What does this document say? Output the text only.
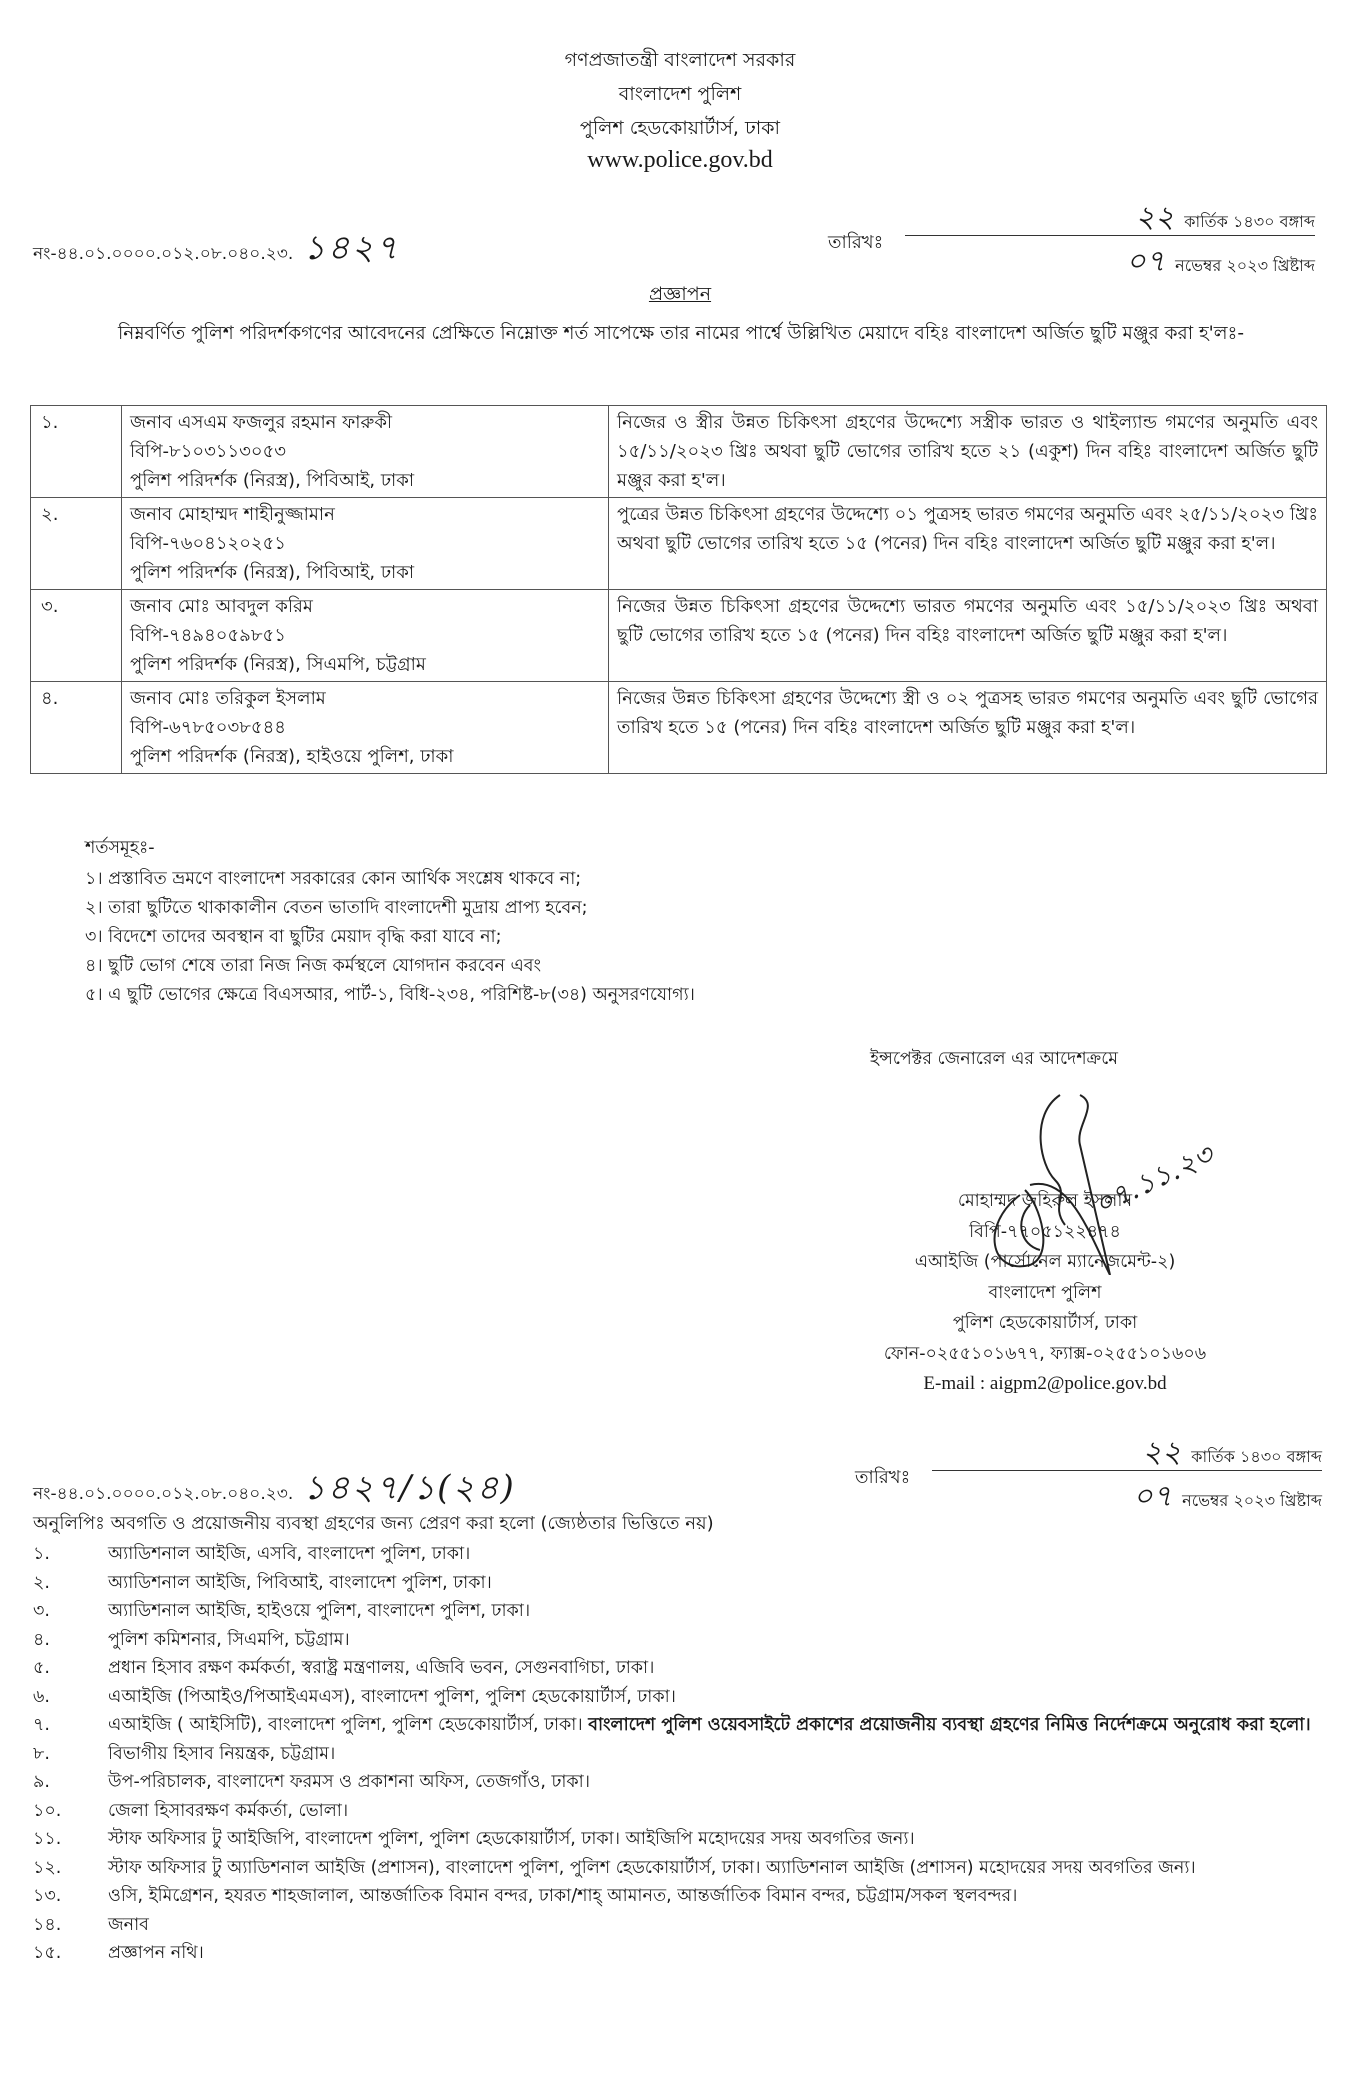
গণপ্রজাতন্ত্রী বাংলাদেশ সরকার
বাংলাদেশ পুলিশ
পুলিশ হেডকোয়ার্টার্স, ঢাকা
www.police.gov.bd
নং-৪৪.০১.০০০০.০১২.০৮.০৪০.২৩. ১৪২৭	তারিখঃ
২২ কার্তিক ১৪৩০ বঙ্গাব্দ
০৭ নভেম্বর ২০২৩ খ্রিষ্টাব্দ
প্রজ্ঞাপন
নিম্নবর্ণিত পুলিশ পরিদর্শকগণের আবেদনের প্রেক্ষিতে নিম্নোক্ত শর্ত সাপেক্ষে তার নামের পার্শ্বে উল্লিখিত মেয়াদে বহিঃ বাংলাদেশ অর্জিত ছুটি মঞ্জুর করা হ'লঃ-
১.	জনাব এসএম ফজলুর রহমান ফারুকী
বিপি-৮১০৩১১৩০৫৩
পুলিশ পরিদর্শক (নিরস্ত্র), পিবিআই, ঢাকা	নিজের ও স্ত্রীর উন্নত চিকিৎসা গ্রহণের উদ্দেশ্যে সস্ত্রীক ভারত ও থাইল্যান্ড গমণের অনুমতি এবং ১৫/১১/২০২৩ খ্রিঃ অথবা ছুটি ভোগের তারিখ হতে ২১ (একুশ) দিন বহিঃ বাংলাদেশ অর্জিত ছুটি মঞ্জুর করা হ'ল।
২.	জনাব মোহাম্মদ শাহীনুজ্জামান
বিপি-৭৬০৪১২০২৫১
পুলিশ পরিদর্শক (নিরস্ত্র), পিবিআই, ঢাকা	পুত্রের উন্নত চিকিৎসা গ্রহণের উদ্দেশ্যে ০১ পুত্রসহ ভারত গমণের অনুমতি এবং ২৫/১১/২০২৩ খ্রিঃ অথবা ছুটি ভোগের তারিখ হতে ১৫ (পনের) দিন বহিঃ বাংলাদেশ অর্জিত ছুটি মঞ্জুর করা হ'ল।
৩.	জনাব মোঃ আবদুল করিম
বিপি-৭৪৯৪০৫৯৮৫১
পুলিশ পরিদর্শক (নিরস্ত্র), সিএমপি, চট্টগ্রাম	নিজের উন্নত চিকিৎসা গ্রহণের উদ্দেশ্যে ভারত গমণের অনুমতি এবং ১৫/১১/২০২৩ খ্রিঃ অথবা ছুটি ভোগের তারিখ হতে ১৫ (পনের) দিন বহিঃ বাংলাদেশ অর্জিত ছুটি মঞ্জুর করা হ'ল।
৪.	জনাব মোঃ তরিকুল ইসলাম
বিপি-৬৭৮৫০৩৮৫৪৪
পুলিশ পরিদর্শক (নিরস্ত্র), হাইওয়ে পুলিশ, ঢাকা	নিজের উন্নত চিকিৎসা গ্রহণের উদ্দেশ্যে স্ত্রী ও ০২ পুত্রসহ ভারত গমণের অনুমতি এবং ছুটি ভোগের তারিখ হতে ১৫ (পনের) দিন বহিঃ বাংলাদেশ অর্জিত ছুটি মঞ্জুর করা হ'ল।
শর্তসমূহঃ-
১। প্রস্তাবিত ভ্রমণে বাংলাদেশ সরকারের কোন আর্থিক সংশ্লেষ থাকবে না;
২। তারা ছুটিতে থাকাকালীন বেতন ভাতাদি বাংলাদেশী মুদ্রায় প্রাপ্য হবেন;
৩। বিদেশে তাদের অবস্থান বা ছুটির মেয়াদ বৃদ্ধি করা যাবে না;
৪। ছুটি ভোগ শেষে তারা নিজ নিজ কর্মস্থলে যোগদান করবেন এবং
৫। এ ছুটি ভোগের ক্ষেত্রে বিএসআর, পার্ট-১, বিধি-২৩৪, পরিশিষ্ট-৮(৩৪) অনুসরণযোগ্য।
ইন্সপেক্টর জেনারেল এর আদেশক্রমে
০৭.১১.২৩
মোহাম্মদ জহিরুল ইসলাম
বিপি-৭৭০৫১২২৪৭৪
এআইজি (পার্সোনেল ম্যানেজমেন্ট-২)
বাংলাদেশ পুলিশ
পুলিশ হেডকোয়ার্টার্স, ঢাকা
ফোন-০২৫৫১০১৬৭৭, ফ্যাক্স-০২৫৫১০১৬০৬
E-mail : aigpm2@police.gov.bd
নং-৪৪.০১.০০০০.০১২.০৮.০৪০.২৩. ১৪২৭/১(২৪)	তারিখঃ
২২ কার্তিক ১৪৩০ বঙ্গাব্দ
০৭ নভেম্বর ২০২৩ খ্রিষ্টাব্দ
অনুলিপিঃ অবগতি ও প্রয়োজনীয় ব্যবস্থা গ্রহণের জন্য প্রেরণ করা হলো (জ্যেষ্ঠতার ভিত্তিতে নয়)
১.	অ্যাডিশনাল আইজি, এসবি, বাংলাদেশ পুলিশ, ঢাকা।
২.	অ্যাডিশনাল আইজি, পিবিআই, বাংলাদেশ পুলিশ, ঢাকা।
৩.	অ্যাডিশনাল আইজি, হাইওয়ে পুলিশ, বাংলাদেশ পুলিশ, ঢাকা।
৪.	পুলিশ কমিশনার, সিএমপি, চট্টগ্রাম।
৫.	প্রধান হিসাব রক্ষণ কর্মকর্তা, স্বরাষ্ট্র মন্ত্রণালয়, এজিবি ভবন, সেগুনবাগিচা, ঢাকা।
৬.	এআইজি (পিআইও/পিআইএমএস), বাংলাদেশ পুলিশ, পুলিশ হেডকোয়ার্টার্স, ঢাকা।
৭.	এআইজি ( আইসিটি), বাংলাদেশ পুলিশ, পুলিশ হেডকোয়ার্টার্স, ঢাকা। বাংলাদেশ পুলিশ ওয়েবসাইটে প্রকাশের প্রয়োজনীয় ব্যবস্থা গ্রহণের নিমিত্ত নির্দেশক্রমে অনুরোধ করা হলো।
৮.	বিভাগীয় হিসাব নিয়ন্ত্রক, চট্টগ্রাম।
৯.	উপ-পরিচালক, বাংলাদেশ ফরমস ও প্রকাশনা অফিস, তেজগাঁও, ঢাকা।
১০.	জেলা হিসাবরক্ষণ কর্মকর্তা, ভোলা।
১১.	স্টাফ অফিসার টু আইজিপি, বাংলাদেশ পুলিশ, পুলিশ হেডকোয়ার্টার্স, ঢাকা। আইজিপি মহোদয়ের সদয় অবগতির জন্য।
১২.	স্টাফ অফিসার টু অ্যাডিশনাল আইজি (প্রশাসন), বাংলাদেশ পুলিশ, পুলিশ হেডকোয়ার্টার্স, ঢাকা। অ্যাডিশনাল আইজি (প্রশাসন) মহোদয়ের সদয় অবগতির জন্য।
১৩.	ওসি, ইমিগ্রেশন, হযরত শাহজালাল, আন্তর্জাতিক বিমান বন্দর, ঢাকা/শাহ্ আমানত, আন্তর্জাতিক বিমান বন্দর, চট্টগ্রাম/সকল স্থলবন্দর।
১৪.	জনাব
১৫.	প্রজ্ঞাপন নথি।
